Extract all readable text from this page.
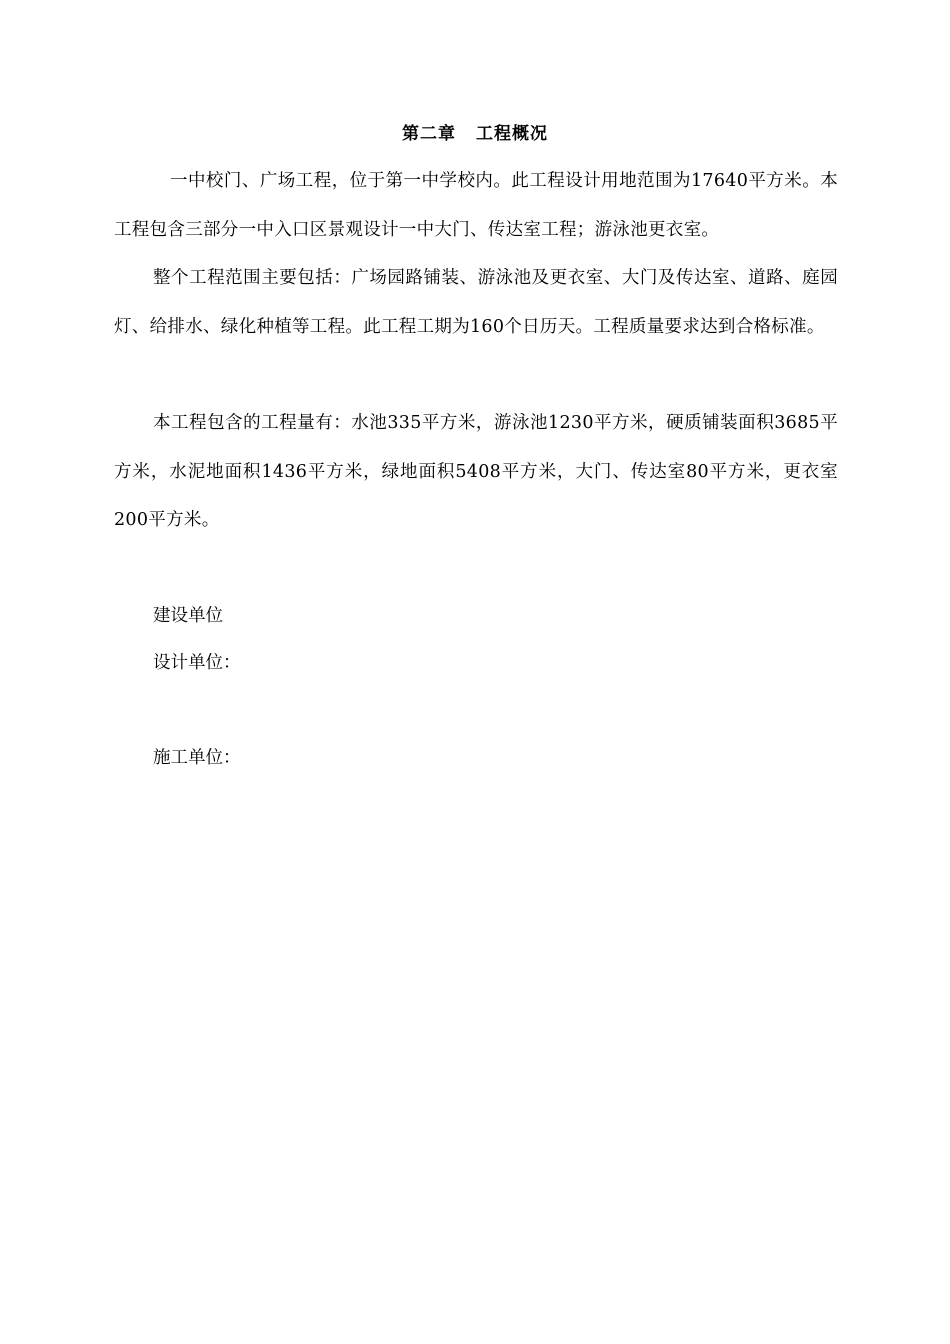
第二章 工程概况

一中校门、广场工程，位于第一中学校内。此工程设计用地范围为17640平方米。本工程包含三部分一中入口区景观设计一中大门、传达室工程；游泳池更衣室。

整个工程范围主要包括：广场园路铺装、游泳池及更衣室、大门及传达室、道路、庭园灯、给排水、绿化种植等工程。此工程工期为160个日历天。工程质量要求达到合格标准。

本工程包含的工程量有：水池335平方米，游泳池1230平方米，硬质铺装面积3685平方米，水泥地面积1436平方米，绿地面积5408平方米，大门、传达室80平方米，更衣室200平方米。

建设单位

设计单位：

施工单位：
